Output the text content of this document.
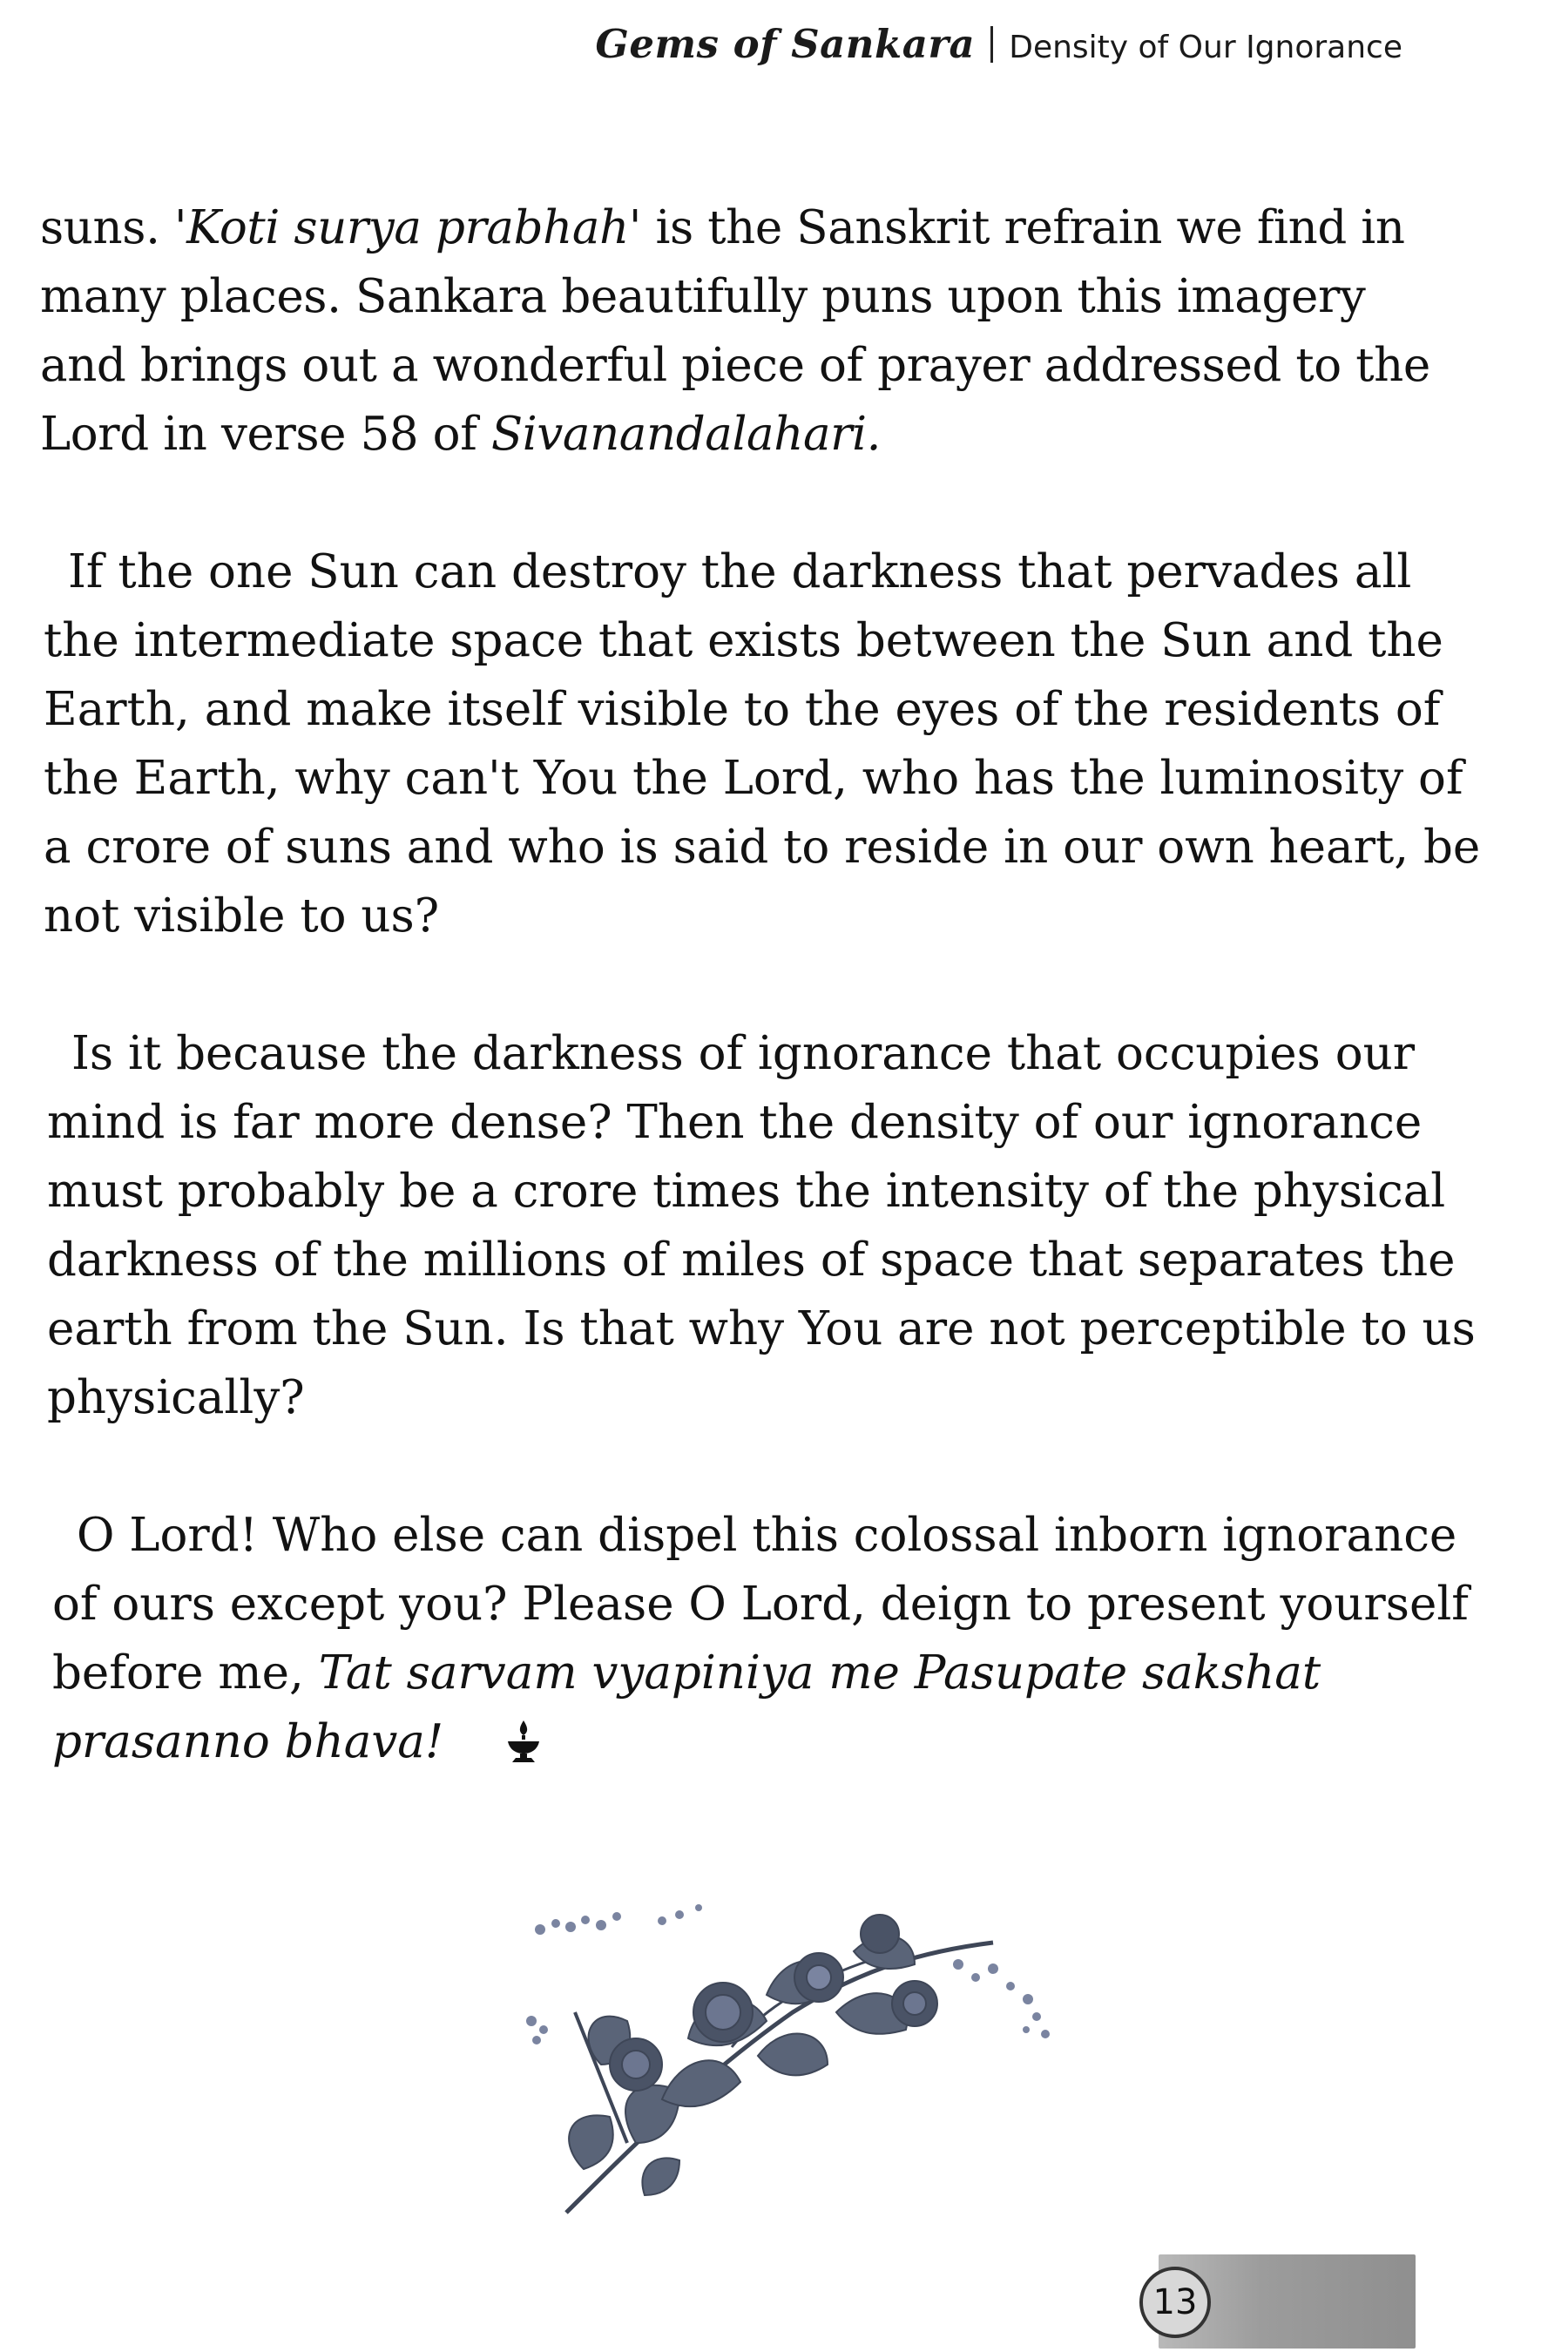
Gems of Sankara Density of Our Ignorance

suns. 'Koti surya prabhah' is the Sanskrit refrain we find in
many places. Sankara beautifully puns upon this imagery
and brings out a wonderful piece of prayer addressed to the
Lord in verse 58 of Sivanandalahari.

If the one Sun can destroy the darkness that pervades all
the intermediate space that exists between the Sun and the
Earth, and make itself visible to the eyes of the residents of
the Earth, why can't You the Lord, who has the luminosity of
a crore of suns and who is said to reside in our own heart, be
not visible to us?

Is it because the darkness of ignorance that occupies our
mind is far more dense? Then the density of our ignorance
must probably be a crore times the intensity of the physical
darkness of the millions of miles of space that separates the
earth from the Sun. Is that why You are not perceptible to us
physically?

O Lord! Who else can dispel this colossal inborn ignorance
of ours except you? Please O Lord, deign to present yourself
before me, Tat sarvam vyapiniya me Pasupate sakshat
prasanno bhava!

13
